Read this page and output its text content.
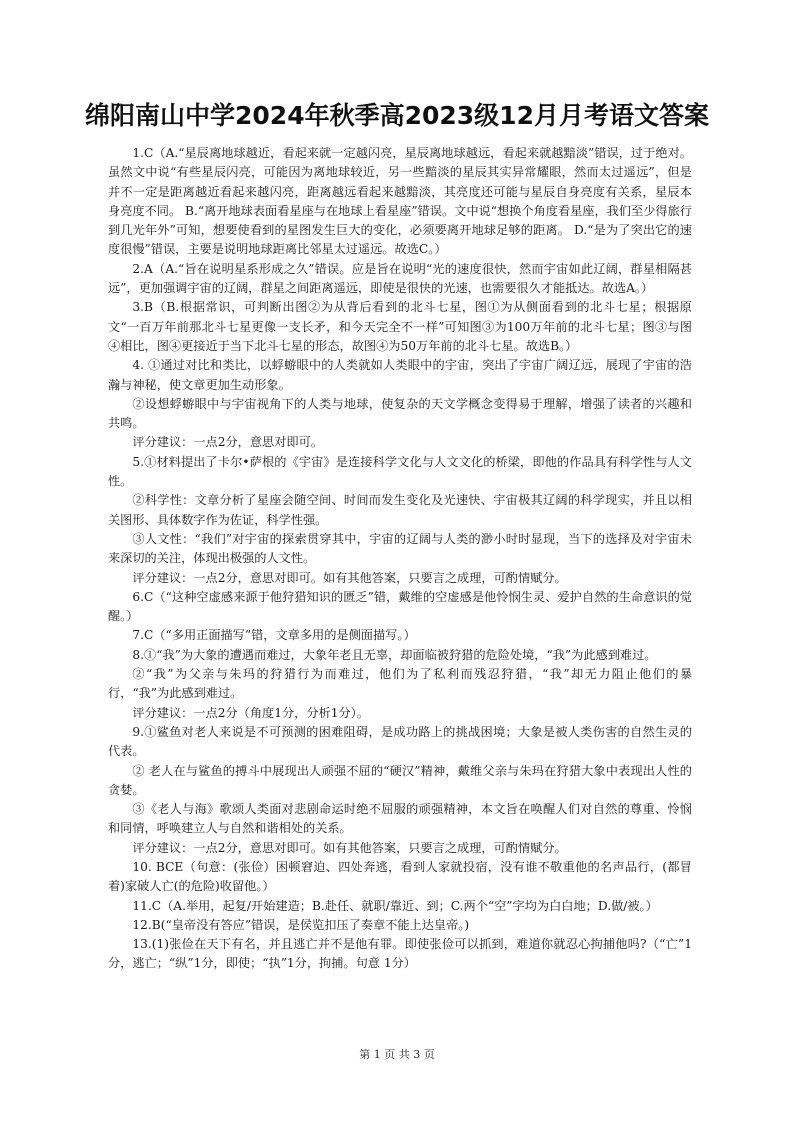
绵阳南山中学2024年秋季高2023级12月月考语文答案

1.C（A.“星辰离地球越近，看起来就一定越闪亮，星辰离地球越远，看起来就越黯淡”错误，过于绝对。虽然文中说“有些星辰闪亮，可能因为离地球较近，另一些黯淡的星辰其实异常耀眼，然而太过遥远”，但是并不一定是距离越近看起来越闪亮，距离越远看起来越黯淡，其亮度还可能与星辰自身亮度有关系，星辰本身亮度不同。 B.“离开地球表面看星座与在地球上看星座”错误。文中说“想换个角度看星座，我们至少得旅行到几光年外”可知，想要使看到的星图发生巨大的变化，必须要离开地球足够的距离。 D.“是为了突出它的速度很慢”错误，主要是说明地球距离比邻星太过遥远。故选C。）

2.A（A.“旨在说明星系形成之久”错误。应是旨在说明“光的速度很快，然而宇宙如此辽阔，群星相隔甚远”，更加强调宇宙的辽阔，群星之间距离遥远，即使是很快的光速，也需要很久才能抵达。故选A。）

3.B（B.根据常识，可判断出图②为从背后看到的北斗七星，图①为从侧面看到的北斗七星；根据原文“一百万年前那北斗七星更像一支长矛，和今天完全不一样”可知图③为100万年前的北斗七星；图③与图④相比，图④更接近于当下北斗七星的形态，故图④为50万年前的北斗七星。故选B。）

4. ①通过对比和类比，以蜉蝣眼中的人类就如人类眼中的宇宙，突出了宇宙广阔辽远，展现了宇宙的浩瀚与神秘，使文章更加生动形象。

②设想蜉蝣眼中与宇宙视角下的人类与地球，使复杂的天文学概念变得易于理解，增强了读者的兴趣和共鸣。

评分建议：一点2分，意思对即可。

5.①材料提出了卡尔•萨根的《宇宙》是连接科学文化与人文文化的桥梁，即他的作品具有科学性与人文性。

②科学性：文章分析了星座会随空间、时间而发生变化及光速快、宇宙极其辽阔的科学现实，并且以相关图形、具体数字作为佐证，科学性强。

③人文性：“我们”对宇宙的探索贯穿其中，宇宙的辽阔与人类的渺小时时显现，当下的选择及对宇宙未来深切的关注，体现出极强的人文性。

评分建议：一点2分，意思对即可。如有其他答案，只要言之成理，可酌情赋分。

6.C（“这种空虚感来源于他狩猎知识的匮乏”错，戴维的空虚感是他怜悯生灵、爱护自然的生命意识的觉醒。）

7.C（“多用正面描写”错，文章多用的是侧面描写。）

8.①“我”为大象的遭遇而难过，大象年老且无辜，却面临被狩猎的危险处境，“我”为此感到难过。

②“我”为父亲与朱玛的狩猎行为而难过，他们为了私利而残忍狩猎，“我”却无力阻止他们的暴行，“我”为此感到难过。

评分建议：一点2分（角度1分，分析1分）。

9.①鲨鱼对老人来说是不可预测的困难阻碍，是成功路上的挑战困境；大象是被人类伤害的自然生灵的代表。

② 老人在与鲨鱼的搏斗中展现出人顽强不屈的“硬汉”精神，戴维父亲与朱玛在狩猎大象中表现出人性的贪婪。

③《老人与海》歌颂人类面对悲剧命运时绝不屈服的顽强精神，本文旨在唤醒人们对自然的尊重、怜悯和同情，呼唤建立人与自然和谐相处的关系。

评分建议：一点2分，意思对即可。如有其他答案，只要言之成理，可酌情赋分。

10. BCE（句意：(张俭）困顿窘迫、四处奔逃，看到人家就投宿，没有谁不敬重他的名声品行，(都冒着)家破人亡(的危险)收留他。）

11.C（A.举用，起复/开始建造；B.赴任、就职/靠近、到；C.两个“空”字均为白白地；D.做/被。）

12.B(“皇帝没有答应”错误，是侯览扣压了奏章不能上达皇帝。)

13.(1)张俭在天下有名，并且逃亡并不是他有罪。即使张俭可以抓到，难道你就忍心拘捕他吗?（“亡”1分，逃亡；“纵”1分，即使；“执”1分，拘捕。句意 1分）

第 1 页 共 3 页
